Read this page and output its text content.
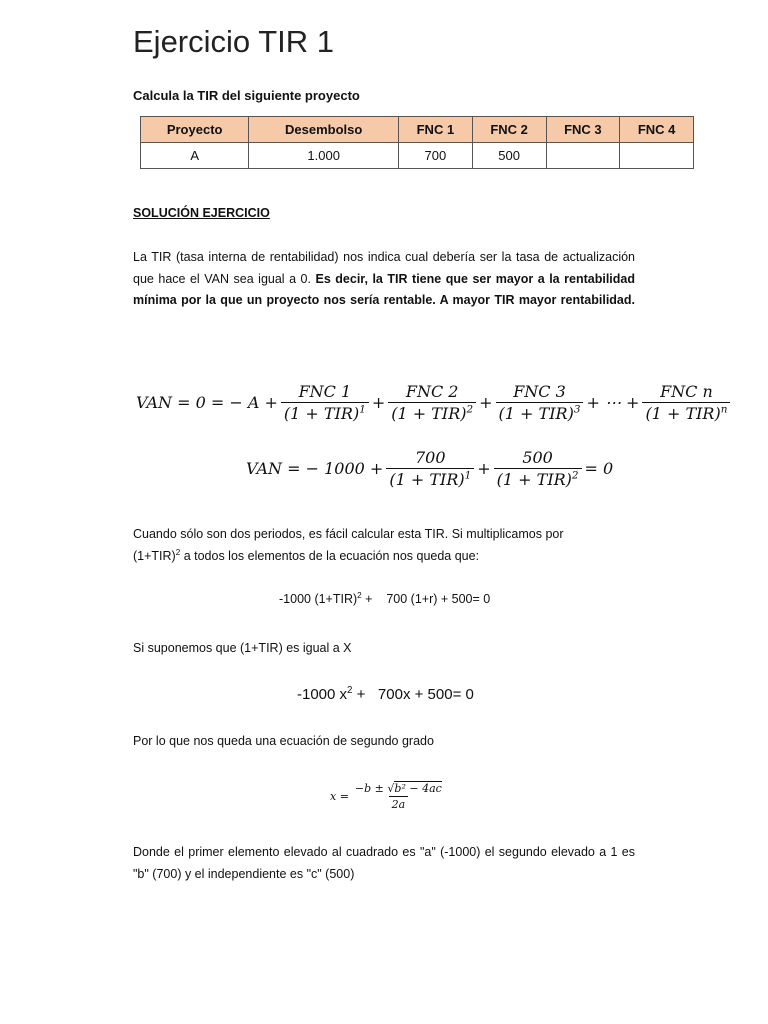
Ejercicio TIR 1
Calcula la TIR del siguiente proyecto
Proyecto	Desembolso	FNC 1	FNC 2	FNC 3	FNC 4
A	1.000	700	500		
SOLUCIÓN EJERCICIO
La TIR (tasa interna de rentabilidad) nos indica cual debería ser la tasa de actualización que hace el VAN sea igual a 0. Es decir, la TIR tiene que ser mayor a la rentabilidad mínima por la que un proyecto nos sería rentable. A mayor TIR mayor rentabilidad.
VAN
= 0 = − $A + \frac{\text{FNC 1}}{(1 + TIR)^1} + \frac{\text{FNC 2}}{(1 + TIR)^2} + \frac{\text{FNC 3}}{(1 + TIR)^3}$ + ⋯ + $\frac{\text{FNC n}}{(1 + TIR)^n}$
VAN
= − $1000 + \frac{700}{(1 + TIR)^1} + \frac{500}{(1 + TIR)^2} = 0$
Cuando sólo son dos periodos, es fácil calcular esta TIR. Si multiplicamos por
$(1+TIR)^2$ a todos los elementos de la ecuación nos queda que:
-1000 $(1+TIR)^2$ +    700 (1+r) + 500= 0
Si suponemos que (1+TIR) es igual a X
-1000 $x^2 + 700x + 500= 0$
Por lo que nos queda una ecuación de segundo grado
$x = \frac{\text{−b ± √b² − 4ac}}{2a}$
Donde el primer elemento elevado al cuadrado es "a" (-1000) el segundo elevado a 1 es "b" (700) y el independiente es "c" (500)
